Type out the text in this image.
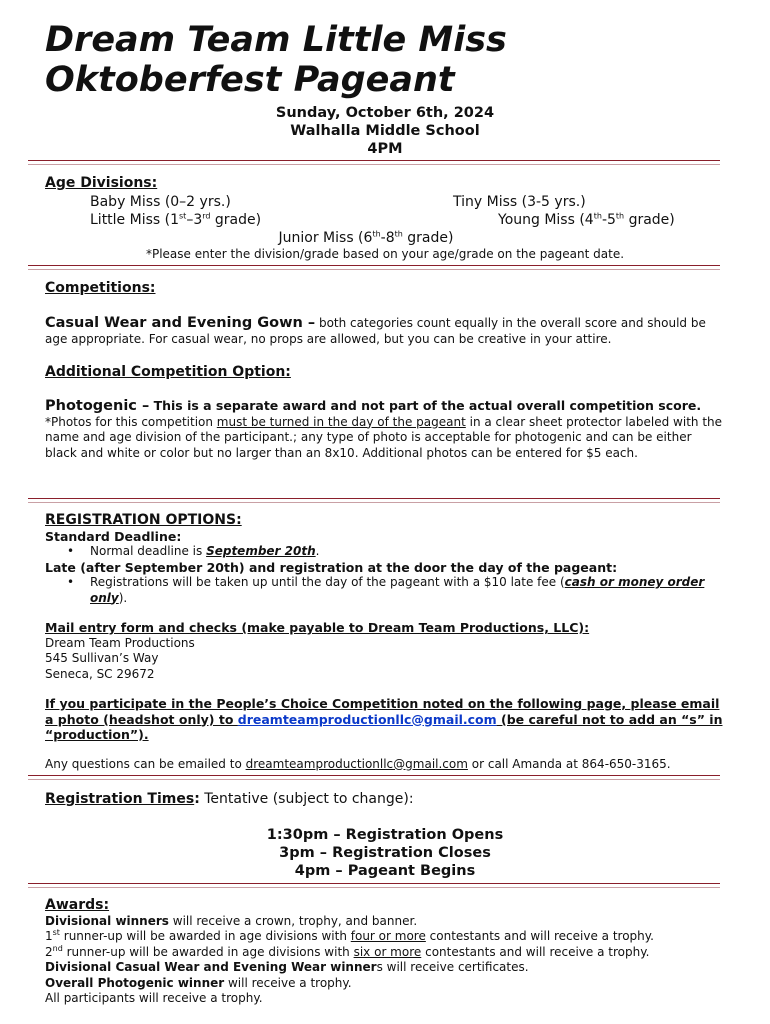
Dream Team Little Miss
Oktoberfest Pageant
Sunday, October 6th, 2024
Walhalla Middle School
4PM

Age Divisions:

Baby Miss (0–2 yrs.)	Tiny Miss (3-5 yrs.)
Little Miss (1st–3rd grade)	Young Miss (4th-5th grade)
Junior Miss (6th-8th grade)
*Please enter the division/grade based on your age/grade on the pageant date.

Competitions:

Casual Wear and Evening Gown – both categories count equally in the overall score and should be age appropriate. For casual wear, no props are allowed, but you can be creative in your attire.

Additional Competition Option:

Photogenic – This is a separate award and not part of the actual overall competition score.
*Photos for this competition must be turned in the day of the pageant in a clear sheet protector labeled with the name and age division of the participant.; any type of photo is acceptable for photogenic and can be either black and white or color but no larger than an 8x10. Additional photos can be entered for $5 each.

REGISTRATION OPTIONS:

Standard Deadline:
• Normal deadline is September 20th.
Late (after September 20th) and registration at the door the day of the pageant:
• Registrations will be taken up until the day of the pageant with a $10 late fee (cash or money order only).
Mail entry form and checks (make payable to Dream Team Productions, LLC):
Dream Team Productions
545 Sullivan’s Way
Seneca, SC 29672
If you participate in the People’s Choice Competition noted on the following page, please email a photo (headshot only) to dreamteamproductionllc@gmail.com (be careful not to add an “s” in “production”).
Any questions can be emailed to dreamteamproductionllc@gmail.com or call Amanda at 864-650-3165.
Registration Times: Tentative (subject to change):
1:30pm – Registration Opens
3pm – Registration Closes
4pm – Pageant Begins

Awards:

Divisional winners will receive a crown, trophy, and banner.
1st runner-up will be awarded in age divisions with four or more contestants and will receive a trophy.
2nd runner-up will be awarded in age divisions with six or more contestants and will receive a trophy.
Divisional Casual Wear and Evening Wear winners will receive certificates.
Overall Photogenic winner will receive a trophy.
All participants will receive a trophy.
